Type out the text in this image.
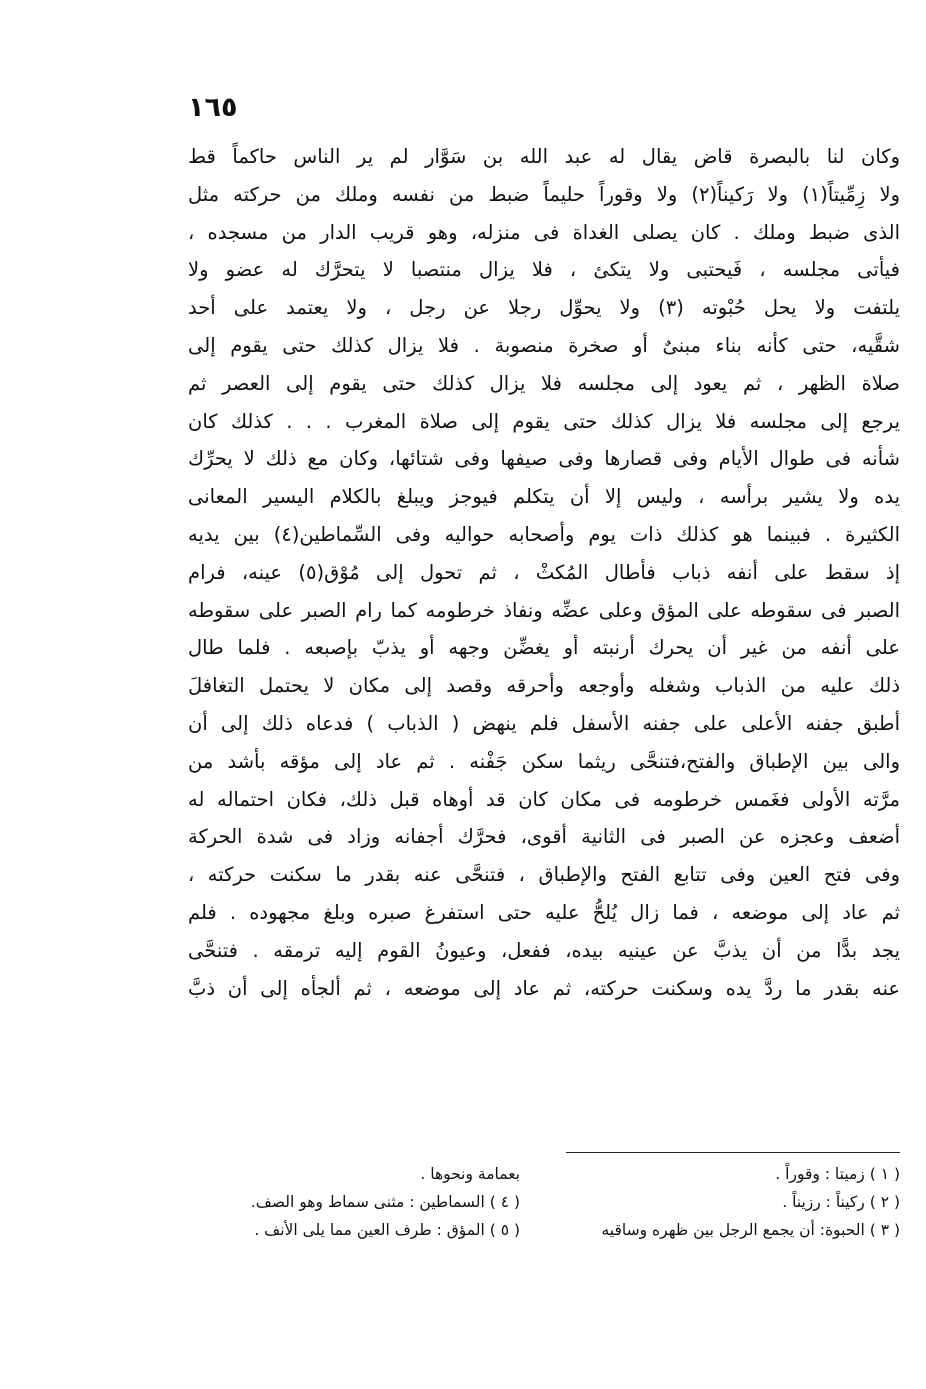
١٦٥
وكان لنا بالبصرة قاض يقال له عبد الله بن سَوَّار لم ير الناس حاكماً قط
ولا زِمِّيتاً(١) ولا رَكيناً(٢) ولا وقوراً حليماً ضبط من نفسه وملك من حركته مثل
الذى ضبط وملك . كان يصلى الغداة فى منزله، وهو قريب الدار من مسجده ،
فيأتى مجلسه ، فَيحتبى ولا يتكئ ، فلا يزال منتصبا لا يتحرَّك له عضو ولا
يلتفت ولا يحل حُبْوته (٣) ولا يحوِّل رجلا عن رجل ، ولا يعتمد على أحد
شقَّيه، حتى كأنه بناء مبنىٌ أو صخرة منصوبة . فلا يزال كذلك حتى يقوم إلى
صلاة الظهر ، ثم يعود إلى مجلسه فلا يزال كذلك حتى يقوم إلى العصر ثم
يرجع إلى مجلسه فلا يزال كذلك حتى يقوم إلى صلاة المغرب . . . كذلك كان
شأنه فى طوال الأيام وفى قصارها وفى صيفها وفى شتائها، وكان مع ذلك لا يحرِّك
يده ولا يشير برأسه ، وليس إلا أن يتكلم فيوجز ويبلغ بالكلام اليسير المعانى
الكثيرة . فبينما هو كذلك ذات يوم وأصحابه حواليه وفى السِّماطين(٤) بين يديه
إذ سقط على أنفه ذباب فأطال المُكثْ ، ثم تحول إلى مُوْق(٥) عينه، فرام
الصبر فى سقوطه على المؤق وعلى عضِّه ونفاذ خرطومه كما رام الصبر على سقوطه
على أنفه من غير أن يحرك أرنبته أو يغضِّن وجهه أو يذبّ بإصبعه . فلما طال
ذلك عليه من الذباب وشغله وأوجعه وأحرقه وقصد إلى مكان لا يحتمل التغافلَ
أطبق جفنه الأعلى على جفنه الأسفل فلم ينهض ( الذباب ) فدعاه ذلك إلى أن
والى بين الإطباق والفتح،فتنحَّى ريثما سكن جَفْنه . ثم عاد إلى مؤقه بأشد من
مرَّته الأولى فغَمس خرطومه فى مكان كان قد أوهاه قبل ذلك، فكان احتماله له
أضعف وعجزه عن الصبر فى الثانية أقوى، فحرَّك أجفانه وزاد فى شدة الحركة
وفى فتح العين وفى تتابع الفتح والإطباق ، فتنحَّى عنه بقدر ما سكنت حركته ،
ثم عاد إلى موضعه ، فما زال يُلحُّ عليه حتى استفرغ صبره وبلغ مجهوده . فلم
يجد بدًّا من أن يذبَّ عن عينيه بيده، ففعل، وعيونُ القوم إليه ترمقه . فتنحَّى
عنه بقدر ما ردَّ يده وسكنت حركته، ثم عاد إلى موضعه ، ثم ألجأه إلى أن ذبَّ
( ١ ) زميتا : وقوراً .
بعمامة ونحوها .
( ٢ ) ركيناً : رزيناً .
( ٤ ) السماطين : مثنى سماط وهو الصف.
( ٣ ) الحبوة: أن يجمع الرجل بين ظهره وساقيه
( ٥ ) المؤق : طرف العين مما يلى الأنف .
